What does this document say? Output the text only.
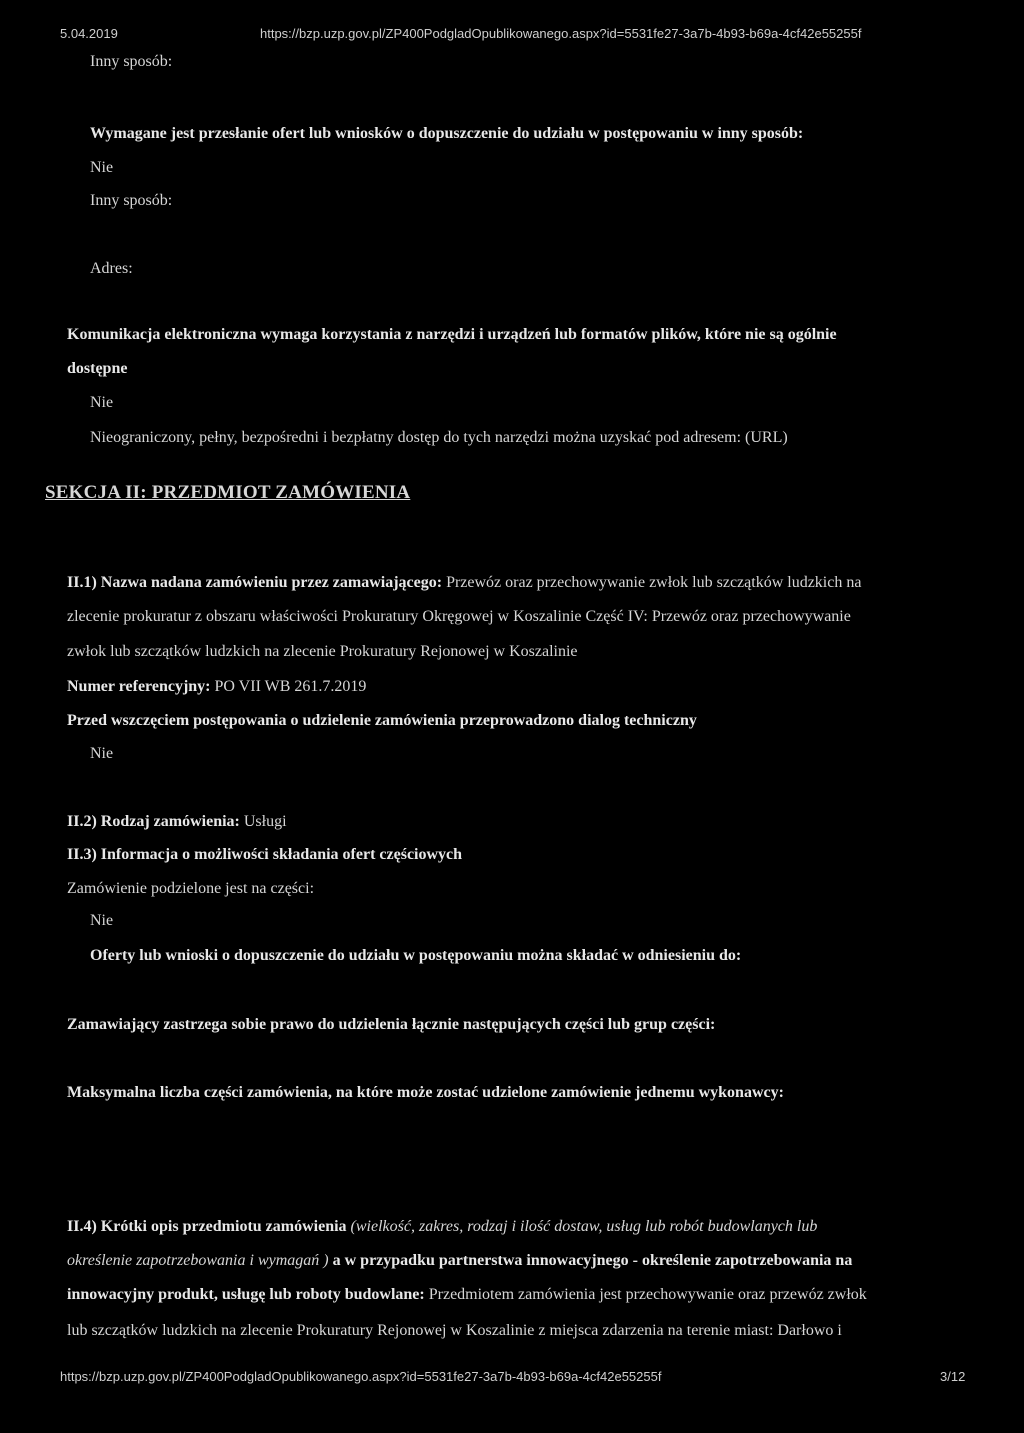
5.04.2019	https://bzp.uzp.gov.pl/ZP400PodgladOpublikowanego.aspx?id=5531fe27-3a7b-4b93-b69a-4cf42e55255f
Inny sposób:
Wymagane jest przesłanie ofert lub wniosków o dopuszczenie do udziału w postępowaniu w inny sposób:
Nie
Inny sposób:
Adres:
Komunikacja elektroniczna wymaga korzystania z narzędzi i urządzeń lub formatów plików, które nie są ogólnie
dostępne
Nie
Nieograniczony, pełny, bezpośredni i bezpłatny dostęp do tych narzędzi można uzyskać pod adresem: (URL)
SEKCJA II: PRZEDMIOT ZAMÓWIENIA
II.1) Nazwa nadana zamówieniu przez zamawiającego: Przewóz oraz przechowywanie zwłok lub szczątków ludzkich na
zlecenie prokuratur z obszaru właściwości Prokuratury Okręgowej w Koszalinie Część IV: Przewóz oraz przechowywanie
zwłok lub szczątków ludzkich na zlecenie Prokuratury Rejonowej w Koszalinie
Numer referencyjny: PO VII WB 261.7.2019
Przed wszczęciem postępowania o udzielenie zamówienia przeprowadzono dialog techniczny
Nie
II.2) Rodzaj zamówienia: Usługi
II.3) Informacja o możliwości składania ofert częściowych
Zamówienie podzielone jest na części:
Nie
Oferty lub wnioski o dopuszczenie do udziału w postępowaniu można składać w odniesieniu do:
Zamawiający zastrzega sobie prawo do udzielenia łącznie następujących części lub grup części:
Maksymalna liczba części zamówienia, na które może zostać udzielone zamówienie jednemu wykonawcy:
II.4) Krótki opis przedmiotu zamówienia (wielkość, zakres, rodzaj i ilość dostaw, usług lub robót budowlanych lub
określenie zapotrzebowania i wymagań ) a w przypadku partnerstwa innowacyjnego - określenie zapotrzebowania na
innowacyjny produkt, usługę lub roboty budowlane: Przedmiotem zamówienia jest przechowywanie oraz przewóz zwłok
lub szczątków ludzkich na zlecenie Prokuratury Rejonowej w Koszalinie z miejsca zdarzenia na terenie miast: Darłowo i
https://bzp.uzp.gov.pl/ZP400PodgladOpublikowanego.aspx?id=5531fe27-3a7b-4b93-b69a-4cf42e55255f	3/12
